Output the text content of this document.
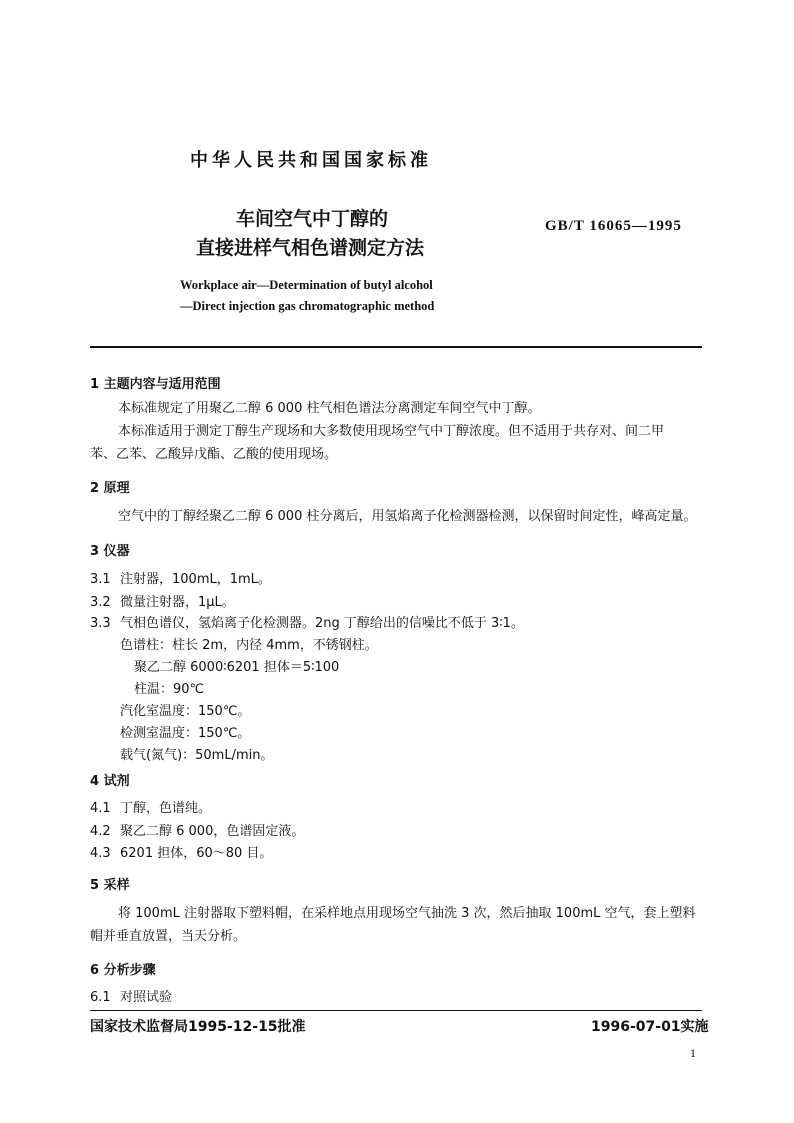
中华人民共和国国家标准
车间空气中丁醇的
直接进样气相色谱测定方法
GB/T 16065—1995
Workplace air—Determination of butyl alcohol
—Direct injection gas chromatographic method
1 主题内容与适用范围
本标准规定了用聚乙二醇 6 000 柱气相色谱法分离测定车间空气中丁醇。
本标准适用于测定丁醇生产现场和大多数使用现场空气中丁醇浓度。但不适用于共存对、间二甲
苯、乙苯、乙酸异戊酯、乙酸的使用现场。
2 原理
空气中的丁醇经聚乙二醇 6 000 柱分离后，用氢焰离子化检测器检测，以保留时间定性，峰高定量。
3 仪器
3.1 注射器，100mL，1mL。
3.2 微量注射器，1μL。
3.3 气相色谱仪，氢焰离子化检测器。2ng 丁醇给出的信噪比不低于 3∶1。
色谱柱：柱长 2m，内径 4mm，不锈钢柱。
聚乙二醇 6000∶6201 担体＝5∶100
柱温：90℃
汽化室温度：150℃。
检测室温度：150℃。
载气(氮气)：50mL/min。
4 试剂
4.1 丁醇，色谱纯。
4.2 聚乙二醇 6 000，色谱固定液。
4.3 6201 担体，60～80 目。
5 采样
将 100mL 注射器取下塑料帽，在采样地点用现场空气抽洗 3 次，然后抽取 100mL 空气，套上塑料
帽并垂直放置，当天分析。
6 分析步骤
6.1 对照试验
国家技术监督局1995-12-15批准	1996-07-01实施
1
